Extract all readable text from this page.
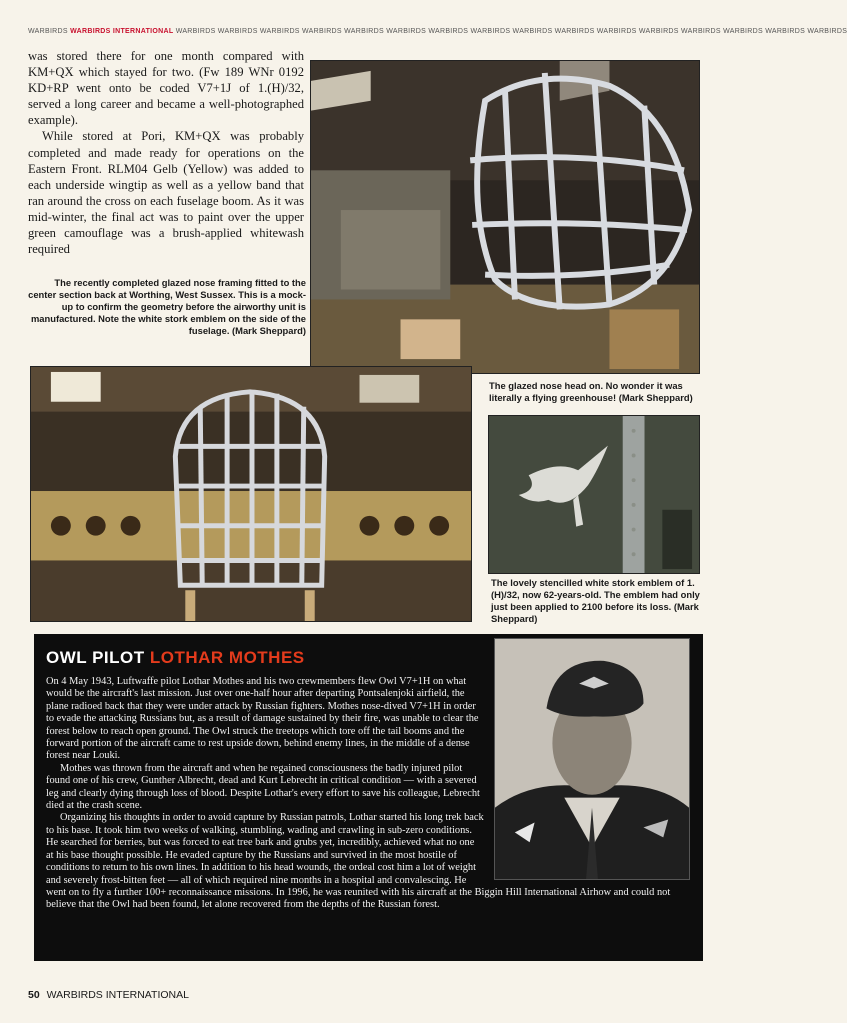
WARBIRDS WARBIRDS INTERNATIONAL WARBIRDS WARBIRDS WARBIRDS WARBIRDS WARBIRDS WARBIRDS WARBIRDS WARBIRDS WARBIRDS WARBIRDS WARBIRDS WARBIRDS WARBIRDS WARBIRDS WARBIRDS WARBIRDS

was stored there for one month compared with KM+QX which stayed for two. (Fw 189 WNr 0192 KD+RP went onto be coded V7+1J of 1.(H)/32, served a long career and became a well-photographed example).

While stored at Pori, KM+QX was probably completed and made ready for operations on the Eastern Front. RLM04 Gelb (Yellow) was added to each underside wingtip as well as a yellow band that ran around the cross on each fuselage boom. As it was mid-winter, the final act was to paint over the upper green camouflage was a brush-applied whitewash required

The recently completed glazed nose framing fitted to the center section back at Worthing, West Sussex. This is a mock-up to confirm the geometry before the airworthy unit is manufactured. Note the white stork emblem on the side of the fuselage. (Mark Sheppard)
The glazed nose head on. No wonder it was literally a flying greenhouse! (Mark Sheppard)
The lovely stencilled white stork emblem of 1.(H)/32, now 62-years-old. The emblem had only just been applied to 2100 before its loss. (Mark Sheppard)
OWL PILOT LOTHAR MOTHES

On 4 May 1943, Luftwaffe pilot Lothar Mothes and his two crewmembers flew Owl V7+1H on what would be the aircraft's last mission. Just over one-half hour after departing Pontsalenjoki airfield, the plane radioed back that they were under attack by Russian fighters. Mothes nose-dived V7+1H in order to evade the attacking Russians but, as a result of damage sustained by their fire, was unable to clear the forest below to reach open ground. The Owl struck the treetops which tore off the tail booms and the forward portion of the aircraft came to rest upside down, behind enemy lines, in the middle of a dense forest near Louki.

Mothes was thrown from the aircraft and when he regained consciousness the badly injured pilot found one of his crew, Gunther Albrecht, dead and Kurt Lebrecht in critical condition — with a severed leg and clearly dying through loss of blood. Despite Lothar's every effort to save his colleague, Lebrecht died at the crash scene.

Organizing his thoughts in order to avoid capture by Russian patrols, Lothar started his long trek back to his base. It took him two weeks of walking, stumbling, wading and crawling in sub-zero conditions. He searched for berries, but was forced to eat tree bark and grubs yet, incredibly, achieved what no one at his base thought possible. He evaded capture by the Russians and survived in the most hostile of conditions to return to his own lines. In addition to his head wounds, the ordeal cost him a lot of weight and severely frost-bitten feet — all of which required nine months in a hospital and convalescing. He went on to fly a further 100+ reconnaissance missions. In 1996, he was reunited with his aircraft at the Biggin Hill International Airhow and could not believe that the Owl had been found, let alone recovered from the depths of the Russian forest.

50 WARBIRDS INTERNATIONAL
